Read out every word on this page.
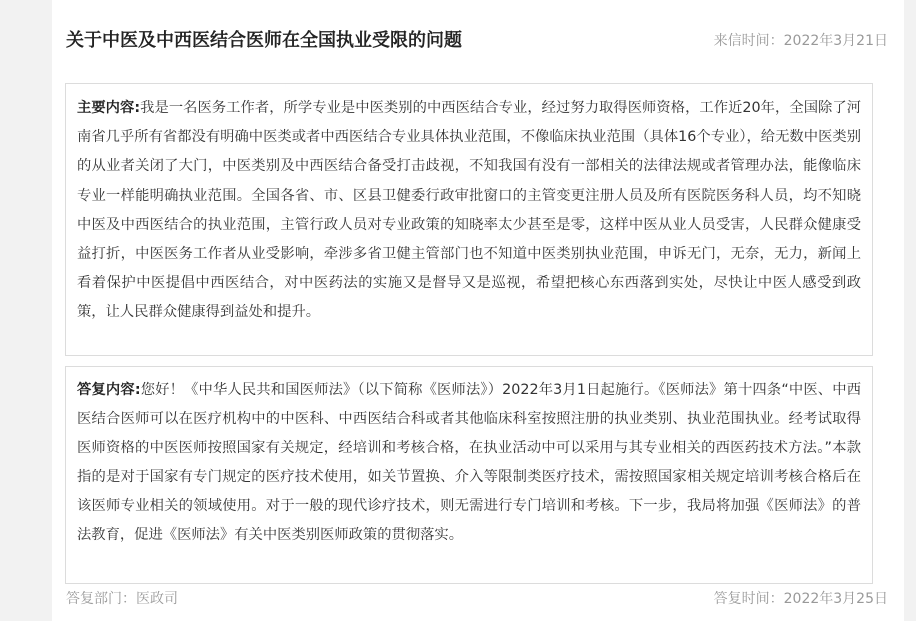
关于中医及中西医结合医师在全国执业受限的问题	来信时间：2022年3月21日
主要内容:我是一名医务工作者，所学专业是中医类别的中西医结合专业，经过努力取得医师资格，工作近20年，全国除了河南省几乎所有省都没有明确中医类或者中西医结合专业具体执业范围，不像临床执业范围（具体16个专业），给无数中医类别的从业者关闭了大门，中医类别及中西医结合备受打击歧视，不知我国有没有一部相关的法律法规或者管理办法，能像临床专业一样能明确执业范围。全国各省、市、区县卫健委行政审批窗口的主管变更注册人员及所有医院医务科人员，均不知晓中医及中西医结合的执业范围，主管行政人员对专业政策的知晓率太少甚至是零，这样中医从业人员受害，人民群众健康受益打折，中医医务工作者从业受影响，牵涉多省卫健主管部门也不知道中医类别执业范围，申诉无门，无奈，无力，新闻上看着保护中医提倡中西医结合，对中医药法的实施又是督导又是巡视，希望把核心东西落到实处，尽快让中医人感受到政策，让人民群众健康得到益处和提升。
答复内容:您好！《中华人民共和国医师法》（以下简称《医师法》）2022年3月1日起施行。《医师法》第十四条“中医、中西医结合医师可以在医疗机构中的中医科、中西医结合科或者其他临床科室按照注册的执业类别、执业范围执业。经考试取得医师资格的中医医师按照国家有关规定，经培训和考核合格，在执业活动中可以采用与其专业相关的西医药技术方法。”本款指的是对于国家有专门规定的医疗技术使用，如关节置换、介入等限制类医疗技术，需按照国家相关规定培训考核合格后在该医师专业相关的领域使用。对于一般的现代诊疗技术，则无需进行专门培训和考核。下一步，我局将加强《医师法》的普法教育，促进《医师法》有关中医类别医师政策的贯彻落实。
答复部门：医政司	答复时间：2022年3月25日
